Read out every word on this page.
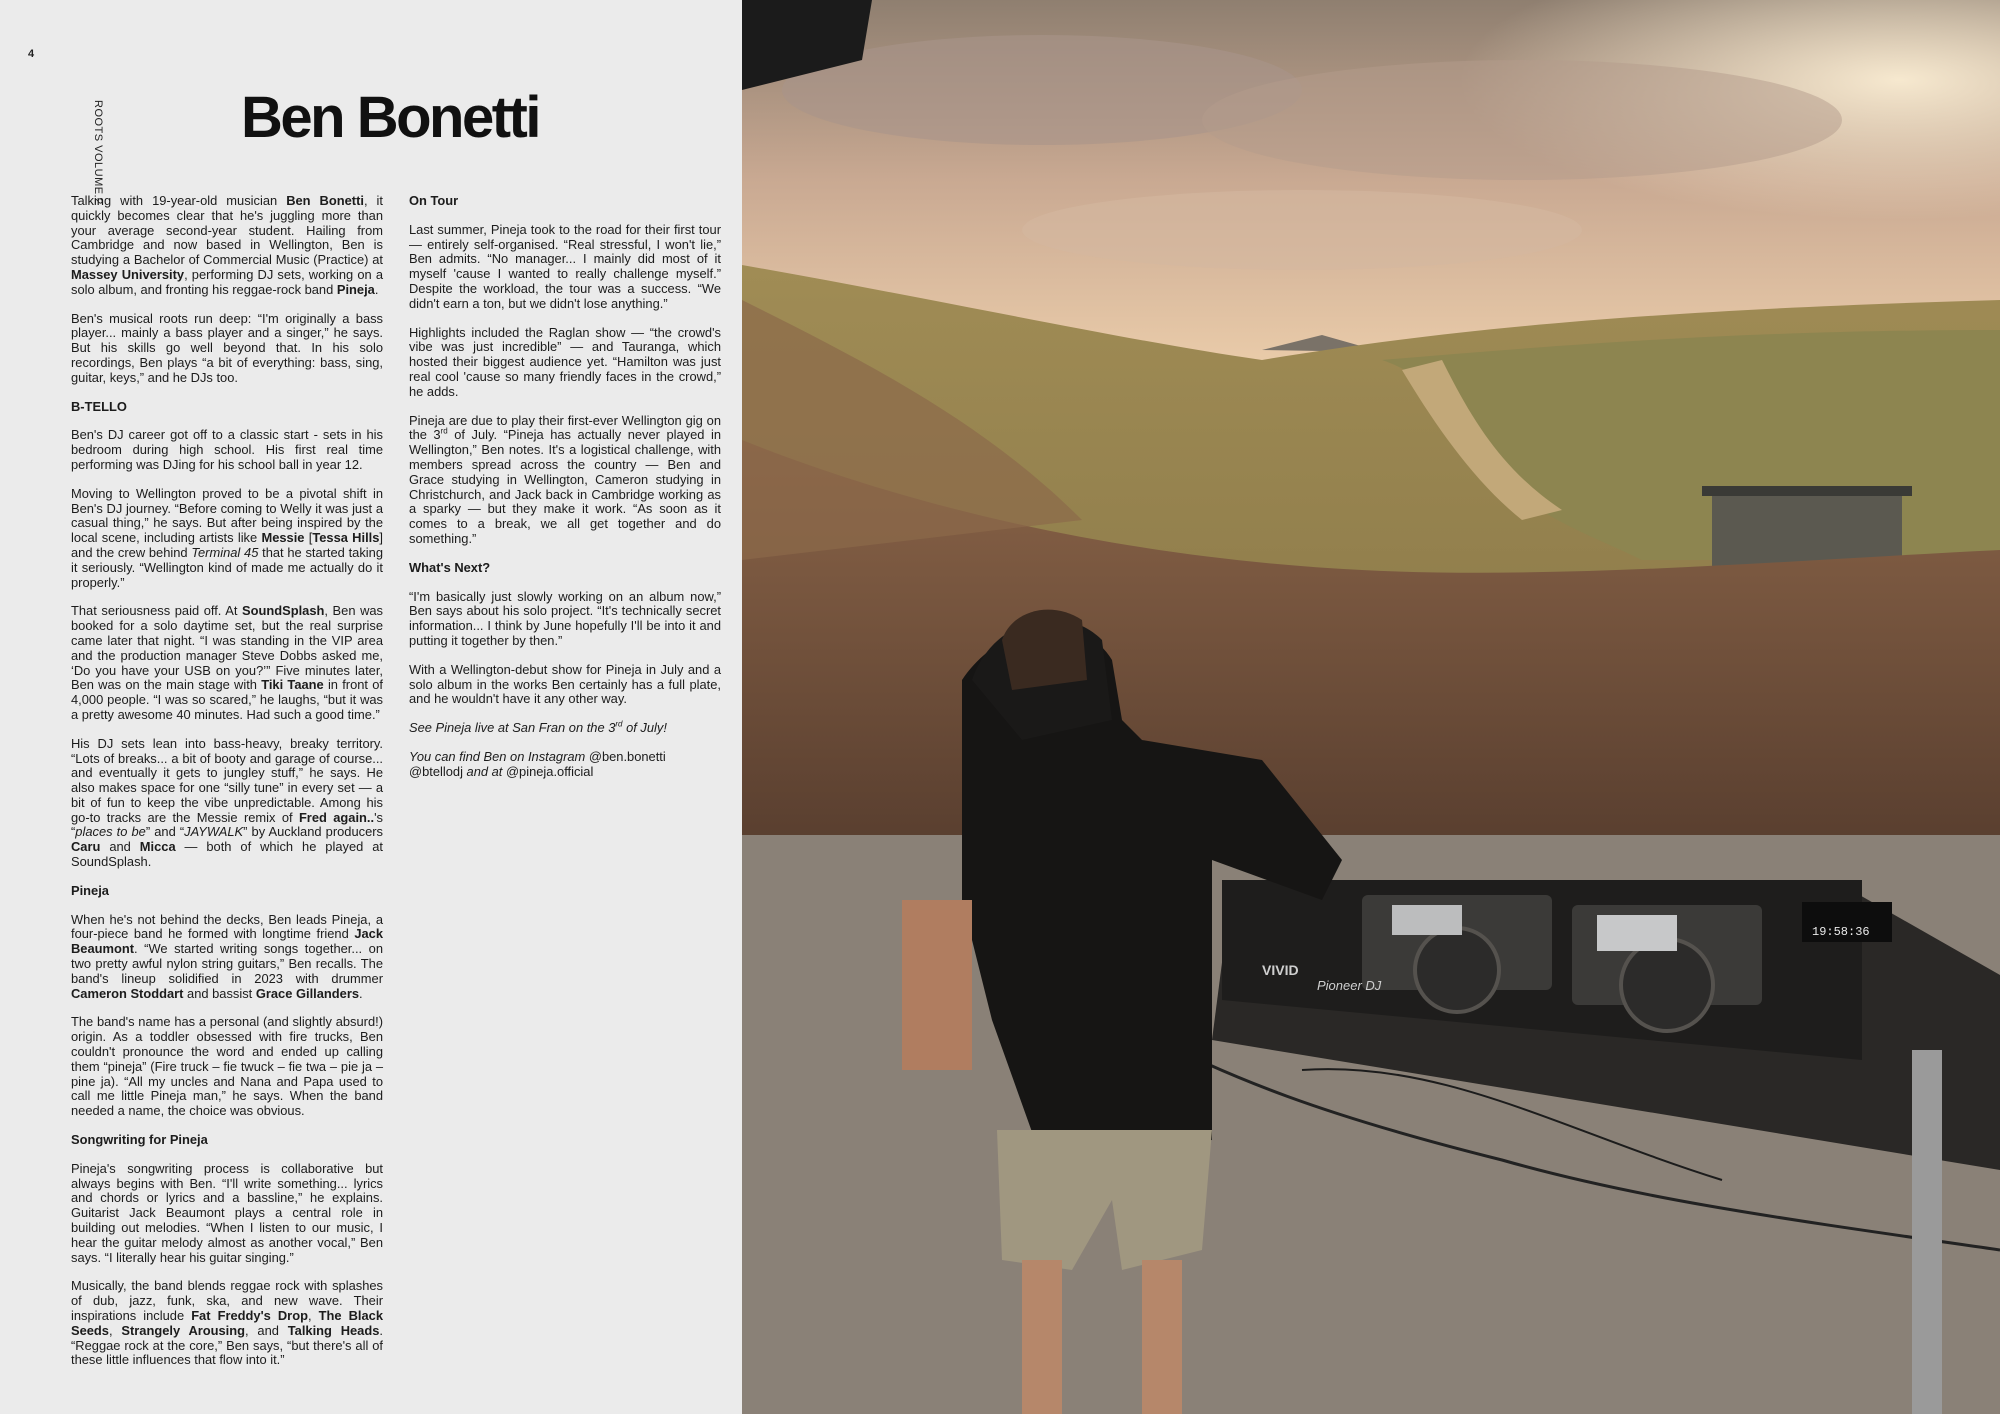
4
ROOTS VOLUME 2	Ben Bonetti

Talking with 19-year-old musician Ben Bonetti, it quickly becomes clear that he's juggling more than your average second-year student. Hailing from Cambridge and now based in Wellington, Ben is studying a Bachelor of Commercial Music (Practice) at Massey University, performing DJ sets, working on a solo album, and fronting his reggae-rock band Pineja.

Ben's musical roots run deep: “I'm originally a bass player... mainly a bass player and a singer,” he says. But his skills go well beyond that. In his solo recordings, Ben plays “a bit of everything: bass, sing, guitar, keys,” and he DJs too.

B-TELLO

Ben's DJ career got off to a classic start - sets in his bedroom during high school. His first real time performing was DJing for his school ball in year 12.

Moving to Wellington proved to be a pivotal shift in Ben's DJ journey. “Before coming to Welly it was just a casual thing,” he says. But after being inspired by the local scene, including artists like Messie [Tessa Hills] and the crew behind Terminal 45 that he started taking it seriously. “Wellington kind of made me actually do it properly.”

That seriousness paid off. At SoundSplash, Ben was booked for a solo daytime set, but the real surprise came later that night. “I was standing in the VIP area and the production manager Steve Dobbs asked me, ‘Do you have your USB on you?’” Five minutes later, Ben was on the main stage with Tiki Taane in front of 4,000 people. “I was so scared,” he laughs, “but it was a pretty awesome 40 minutes. Had such a good time.”

His DJ sets lean into bass-heavy, breaky territory. “Lots of breaks... a bit of booty and garage of course... and eventually it gets to jungley stuff,” he says. He also makes space for one “silly tune” in every set — a bit of fun to keep the vibe unpredictable. Among his go-to tracks are the Messie remix of Fred again..'s “places to be” and “JAYWALK” by Auckland producers Caru and Micca — both of which he played at SoundSplash.

Pineja

When he's not behind the decks, Ben leads Pineja, a four-piece band he formed with longtime friend Jack Beaumont. “We started writing songs together... on two pretty awful nylon string guitars,” Ben recalls. The band's lineup solidified in 2023 with drummer Cameron Stoddart and bassist Grace Gillanders.

The band's name has a personal (and slightly absurd!) origin. As a toddler obsessed with fire trucks, Ben couldn't pronounce the word and ended up calling them “pineja” (Fire truck – fie twuck – fie twa – pie ja – pine ja). “All my uncles and Nana and Papa used to call me little Pineja man,” he says. When the band needed a name, the choice was obvious.

Songwriting for Pineja

Pineja's songwriting process is collaborative but always begins with Ben. “I'll write something... lyrics and chords or lyrics and a bassline,” he explains. Guitarist Jack Beaumont plays a central role in building out melodies. “When I listen to our music, I hear the guitar melody almost as another vocal,” Ben says. “I literally hear his guitar singing.”

Musically, the band blends reggae rock with splashes of dub, jazz, funk, ska, and new wave. Their inspirations include Fat Freddy's Drop, The Black Seeds, Strangely Arousing, and Talking Heads. “Reggae rock at the core,” Ben says, “but there's all of these little influences that flow into it.”

On Tour

Last summer, Pineja took to the road for their first tour — entirely self-organised. “Real stressful, I won't lie,” Ben admits. “No manager... I mainly did most of it myself 'cause I wanted to really challenge myself.” Despite the workload, the tour was a success. “We didn't earn a ton, but we didn't lose anything.”

Highlights included the Raglan show — “the crowd's vibe was just incredible” — and Tauranga, which hosted their biggest audience yet. “Hamilton was just real cool 'cause so many friendly faces in the crowd,” he adds.

Pineja are due to play their first-ever Wellington gig on the 3rd of July. “Pineja has actually never played in Wellington,” Ben notes. It's a logistical challenge, with members spread across the country — Ben and Grace studying in Wellington, Cameron studying in Christchurch, and Jack back in Cambridge working as a sparky — but they make it work. “As soon as it comes to a break, we all get together and do something.”

What's Next?

“I'm basically just slowly working on an album now,” Ben says about his solo project. “It's technically secret information... I think by June hopefully I'll be into it and putting it together by then.”

With a Wellington-debut show for Pineja in July and a solo album in the works Ben certainly has a full plate, and he wouldn't have it any other way.

See Pineja live at San Fran on the 3rd of July!

You can find Ben on Instagram @ben.bonetti
@btellodj and at @pineja.official

VIVID
Pioneer DJ
19:58:36
